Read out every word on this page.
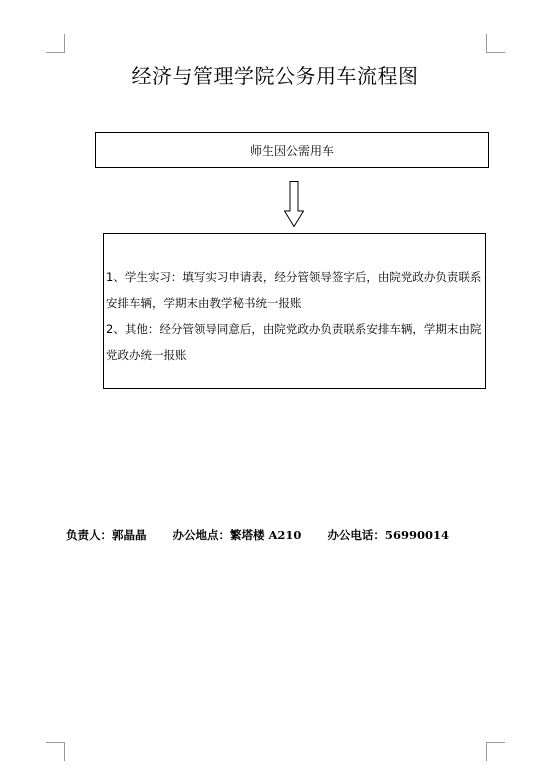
经济与管理学院公务用车流程图
师生因公需用车

1、学生实习：填写实习申请表，经分管领导签字后，由院党政办负责联系安排车辆，学期末由教学秘书统一报账

2、其他：经分管领导同意后，由院党政办负责联系安排车辆，学期末由院党政办统一报账

负责人：郭晶晶 办公地点：繁塔楼 A210 办公电话：56990014
